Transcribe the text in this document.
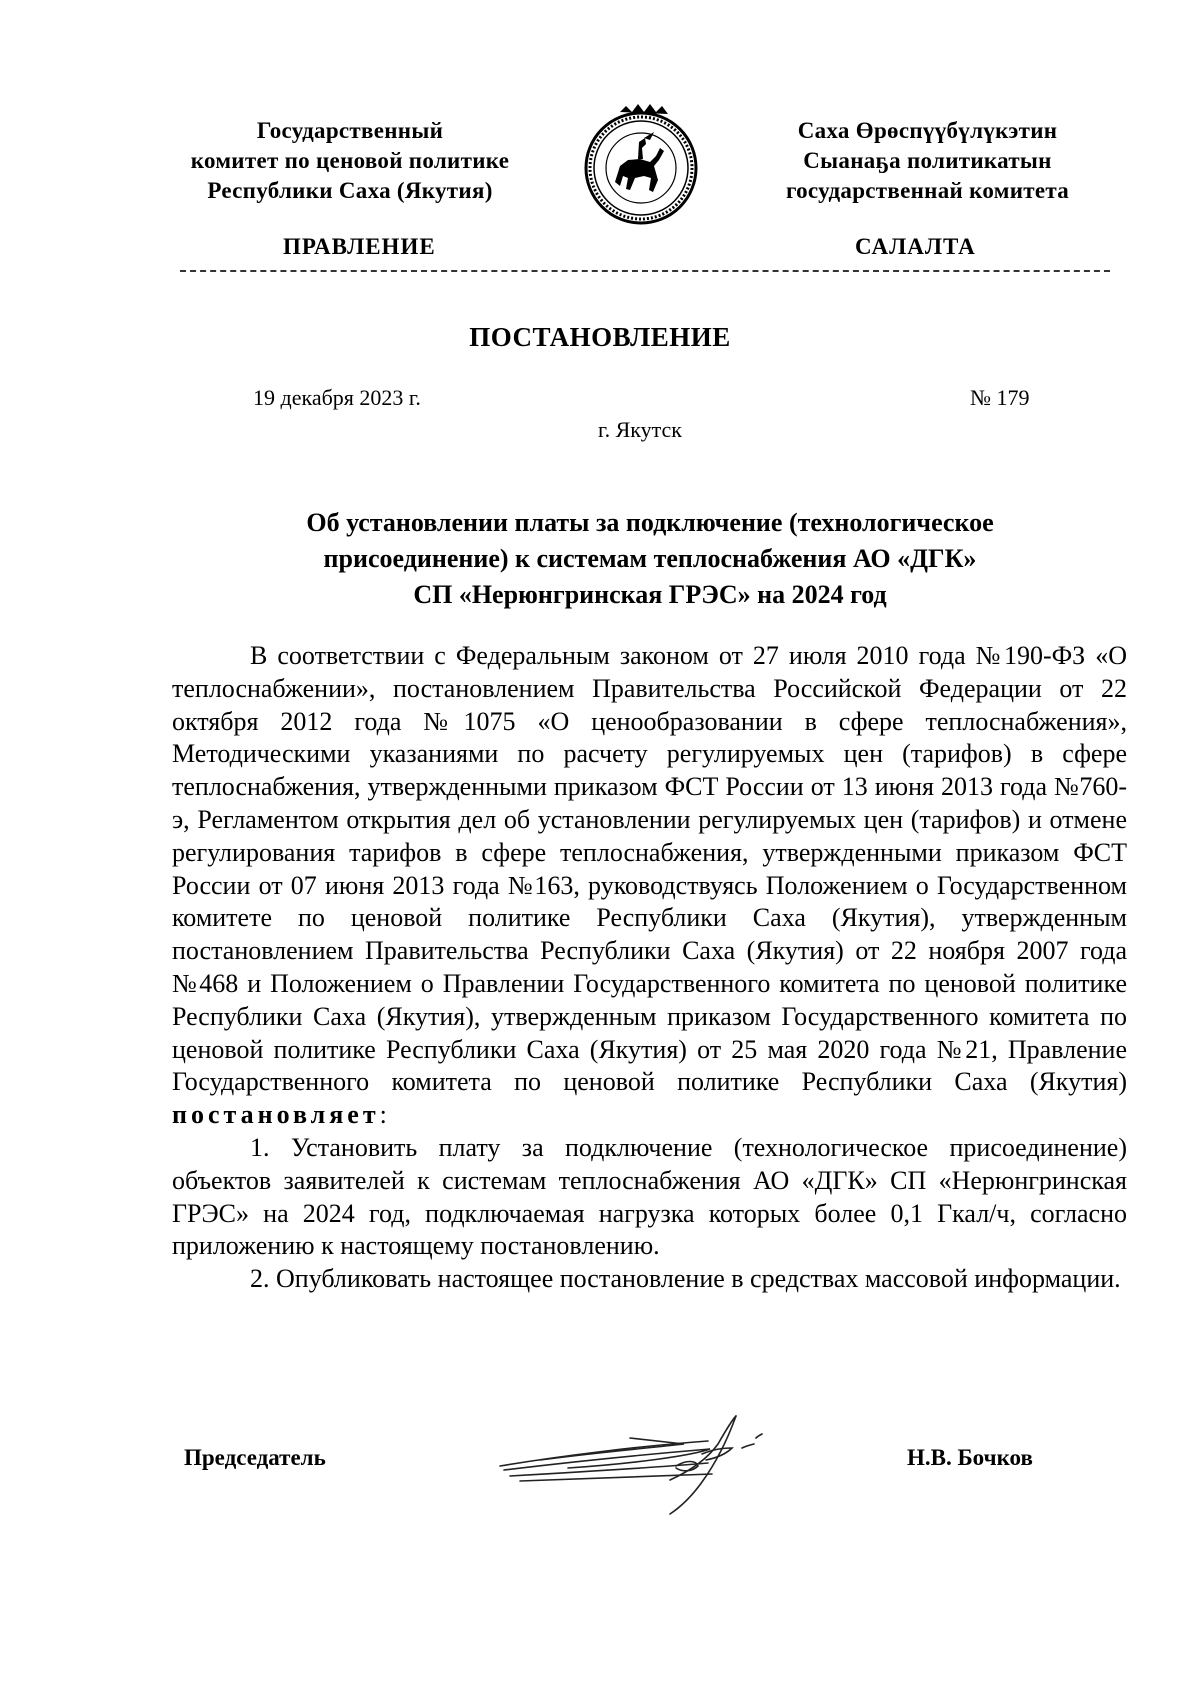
Государственный
комитет по ценовой политике
Республики Саха (Якутия)
Саха Өрөспүүбүлүкэтин
Сыанаҕа политикатын
государственнай комитета
ПРАВЛЕНИЕ	САЛАЛТА
ПОСТАНОВЛЕНИЕ
19 декабря 2023 г.	№ 179
г. Якутск
Об установлении платы за подключение (технологическое
присоединение) к системам теплоснабжения АО «ДГК»
СП «Нерюнгринская ГРЭС» на 2024 год

В соответствии с Федеральным законом от 27 июля 2010 года №190-ФЗ «О теплоснабжении», постановлением Правительства Российской Федерации от 22 октября 2012 года №1075 «О ценообразовании в сфере теплоснабжения», Методическими указаниями по расчету регулируемых цен (тарифов) в сфере теплоснабжения, утвержденными приказом ФСТ России от 13 июня 2013 года №760-э, Регламентом открытия дел об установлении регулируемых цен (тарифов) и отмене регулирования тарифов в сфере теплоснабжения, утвержденными приказом ФСТ России от 07 июня 2013 года №163, руководствуясь Положением о Государственном комитете по ценовой политике Республики Саха (Якутия), утвержденным постановлением Правительства Республики Саха (Якутия) от 22 ноября 2007 года №468 и Положением о Правлении Государственного комитета по ценовой политике Республики Саха (Якутия), утвержденным приказом Государственного комитета по ценовой политике Республики Саха (Якутия) от 25 мая 2020 года №21, Правление Государственного комитета по ценовой политике Республики Саха (Якутия) постановляет:

1. Установить плату за подключение (технологическое присоединение) объектов заявителей к системам теплоснабжения АО «ДГК» СП «Нерюнгринская ГРЭС» на 2024 год, подключаемая нагрузка которых более 0,1 Гкал/ч, согласно приложению к настоящему постановлению.

2. Опубликовать настоящее постановление в средствах массовой информации.

Председатель	Н.В. Бочков
